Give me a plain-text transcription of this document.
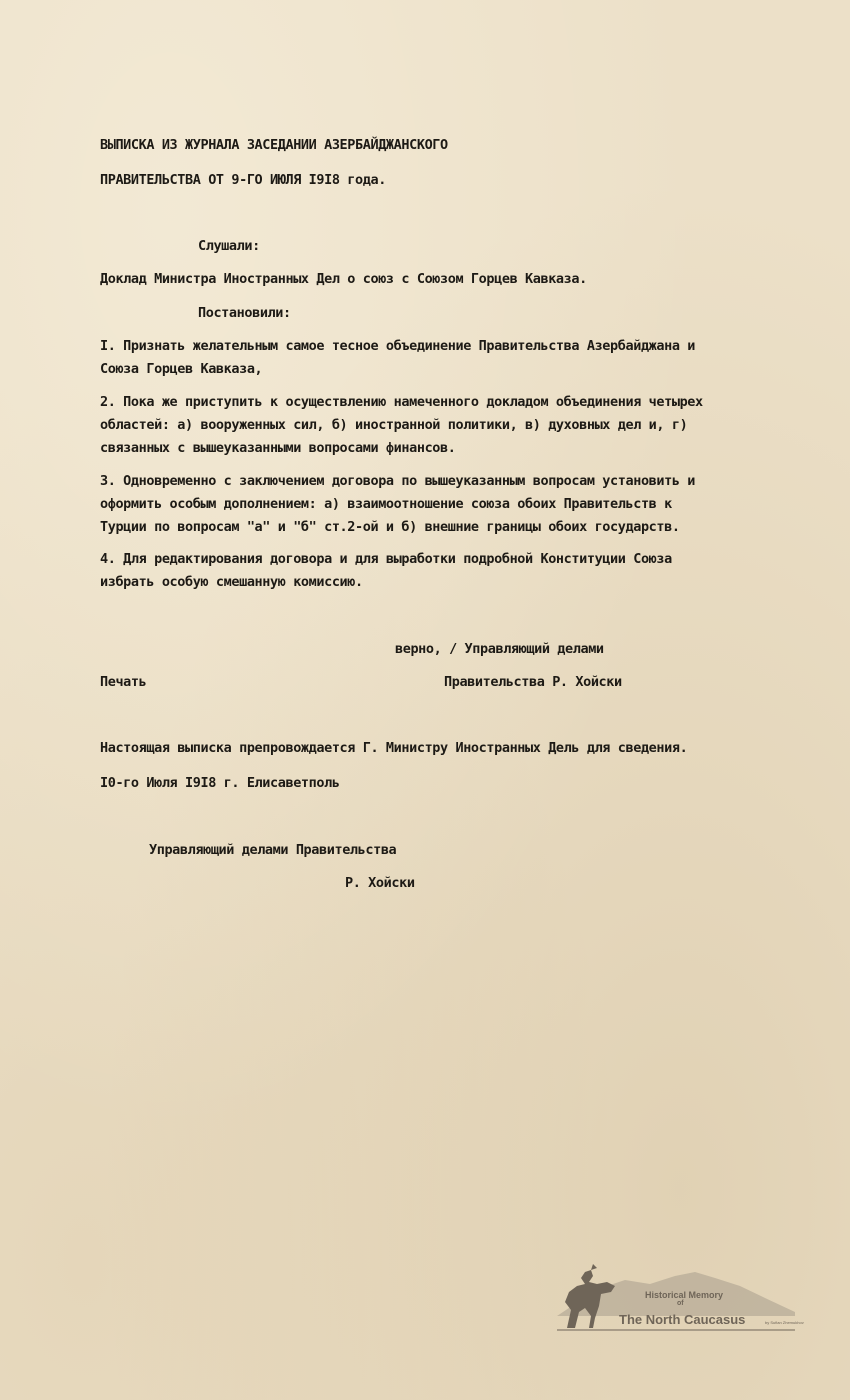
ВЫПИСКА ИЗ ЖУРНАЛА ЗАСЕДАНИИ АЗЕРБАЙДЖАНСКОГО
ПРАВИТЕЛЬСТВА ОТ 9-ГО ИЮЛЯ I9I8 года.
Слушали:
Доклад Министра Иностранных Дел о союз с Союзом Горцев Кавказа.
Постановили:
I. Признать желательным самое тесное объединение Правительства Азербайджана и
Союза Горцев Кавказа,
2. Пока же приступить к осуществлению намеченного докладом объединения четырех
областей: а) вооруженных сил, б) иностранной политики, в) духовных дел и, г)
связанных с вышеуказанными вопросами финансов.
3. Одновременно с заключением договора по вышеуказанным вопросам установить и
оформить особым дополнением: а) взаимоотношение союза обоих Правительств к
Турции по вопросам "а" и "б" ст.2-ой и б) внешние границы обоих государств.
4. Для редактирования договора и для выработки подробной Конституции Союза
избрать особую смешанную комиссию.
верно, / Управляющий делами
Печать	Правительства Р. Хойски
Настоящая выписка препровождается Г. Министру Иностранных Дель для сведения.
I0-го Июля I9I8 г. Елисаветполь
Управляющий делами Правительства
Р. Хойски
Historical Memory
of
The North Caucasus	by Sufian Zhemukhov
